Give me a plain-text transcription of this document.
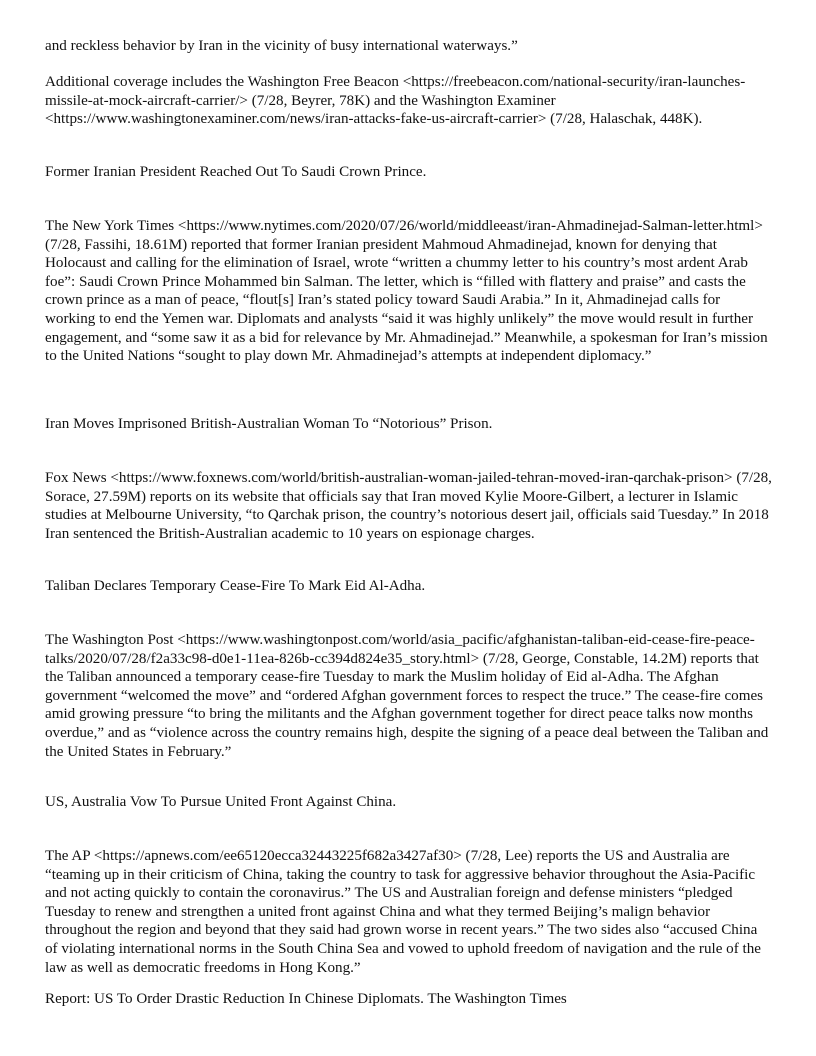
and reckless behavior by Iran in the vicinity of busy international waterways.”

Additional coverage includes the Washington Free Beacon <https://freebeacon.com/national-security/iran-launches-missile-at-mock-aircraft-carrier/> (7/28, Beyrer, 78K) and the Washington Examiner <https://www.washingtonexaminer.com/news/iran-attacks-fake-us-aircraft-carrier> (7/28, Halaschak, 448K).

Former Iranian President Reached Out To Saudi Crown Prince.

The New York Times <https://www.nytimes.com/2020/07/26/world/middleeast/iran-Ahmadinejad-Salman-letter.html> (7/28, Fassihi, 18.61M) reported that former Iranian president Mahmoud Ahmadinejad, known for denying that Holocaust and calling for the elimination of Israel, wrote “written a chummy letter to his country’s most ardent Arab foe”: Saudi Crown Prince Mohammed bin Salman. The letter, which is “filled with flattery and praise” and casts the crown prince as a man of peace, “flout[s] Iran’s stated policy toward Saudi Arabia.” In it, Ahmadinejad calls for working to end the Yemen war. Diplomats and analysts “said it was highly unlikely” the move would result in further engagement, and “some saw it as a bid for relevance by Mr. Ahmadinejad.” Meanwhile, a spokesman for Iran’s mission to the United Nations “sought to play down Mr. Ahmadinejad’s attempts at independent diplomacy.”

Iran Moves Imprisoned British-Australian Woman To “Notorious” Prison.

Fox News <https://www.foxnews.com/world/british-australian-woman-jailed-tehran-moved-iran-qarchak-prison> (7/28, Sorace, 27.59M) reports on its website that officials say that Iran moved Kylie Moore-Gilbert, a lecturer in Islamic studies at Melbourne University, “to Qarchak prison, the country’s notorious desert jail, officials said Tuesday.” In 2018 Iran sentenced the British-Australian academic to 10 years on espionage charges.

Taliban Declares Temporary Cease-Fire To Mark Eid Al-Adha.

The Washington Post <https://www.washingtonpost.com/world/asia_pacific/afghanistan-taliban-eid-cease-fire-peace-talks/2020/07/28/f2a33c98-d0e1-11ea-826b-cc394d824e35_story.html> (7/28, George, Constable, 14.2M) reports that the Taliban announced a temporary cease-fire Tuesday to mark the Muslim holiday of Eid al-Adha. The Afghan government “welcomed the move” and “ordered Afghan government forces to respect the truce.” The cease-fire comes amid growing pressure “to bring the militants and the Afghan government together for direct peace talks now months overdue,” and as “violence across the country remains high, despite the signing of a peace deal between the Taliban and the United States in February.”

US, Australia Vow To Pursue United Front Against China.

The AP <https://apnews.com/ee65120ecca32443225f682a3427af30> (7/28, Lee) reports the US and Australia are “teaming up in their criticism of China, taking the country to task for aggressive behavior throughout the Asia-Pacific and not acting quickly to contain the coronavirus.” The US and Australian foreign and defense ministers “pledged Tuesday to renew and strengthen a united front against China and what they termed Beijing’s malign behavior throughout the region and beyond that they said had grown worse in recent years.” The two sides also “accused China of violating international norms in the South China Sea and vowed to uphold freedom of navigation and the rule of the law as well as democratic freedoms in Hong Kong.”

Report: US To Order Drastic Reduction In Chinese Diplomats. The Washington Times
